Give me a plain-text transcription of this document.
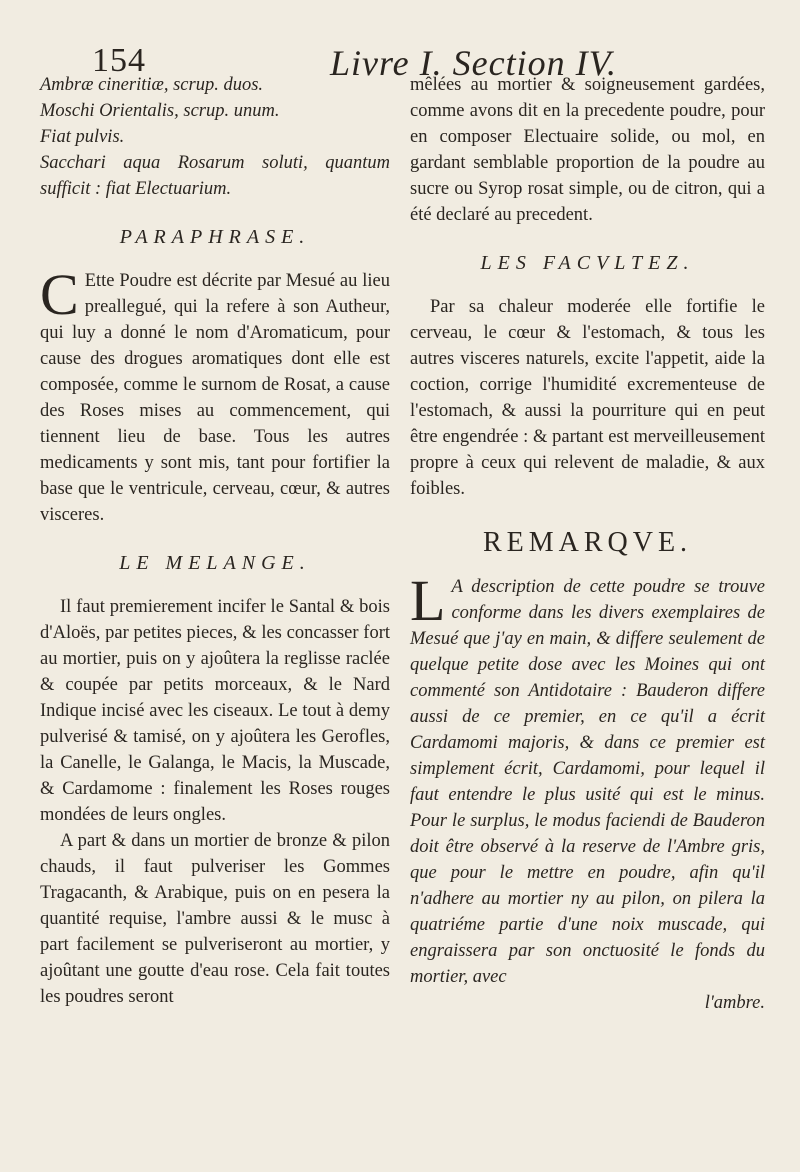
154	Livre I. Section IV.

Ambræ cineritiæ, scrup. duos.

Moschi Orientalis, scrup. unum.

Fiat pulvis.

Sacchari aqua Rosarum soluti, quantum sufficit : fiat Electuarium.

PARAPHRASE.

C Ette Poudre est décrite par Mesué au lieu preallegué, qui la refere à son Autheur, qui luy a donné le nom d'Aromaticum, pour cause des drogues aromatiques dont elle est composée, comme le surnom de Rosat, a cause des Roses mises au commencement, qui tiennent lieu de base. Tous les autres medicaments y sont mis, tant pour fortifier la base que le ventricule, cerveau, cœur, & autres visceres.

LE MELANGE.

Il faut premierement incifer le Santal & bois d'Aloës, par petites pieces, & les concasser fort au mortier, puis on y ajoûtera la reglisse raclée & coupée par petits morceaux, & le Nard Indique incisé avec les ciseaux. Le tout à demy pulverisé & tamisé, on y ajoûtera les Gerofles, la Canelle, le Galanga, le Macis, la Muscade, & Cardamome : finalement les Roses rouges mondées de leurs ongles.

A part & dans un mortier de bronze & pilon chauds, il faut pulveriser les Gommes Tragacanth, & Arabique, puis on en pesera la quantité requise, l'ambre aussi & le musc à part facilement se pulveriseront au mortier, y ajoûtant une goutte d'eau rose. Cela fait toutes les poudres seront

mêlées au mortier & soigneusement gardées, comme avons dit en la precedente poudre, pour en composer Electuaire solide, ou mol, en gardant semblable proportion de la poudre au sucre ou Syrop rosat simple, ou de citron, qui a été declaré au precedent.

LES FACVLTEZ.

Par sa chaleur moderée elle fortifie le cerveau, le cœur & l'estomach, & tous les autres visceres naturels, excite l'appetit, aide la coction, corrige l'humidité excrementeuse de l'estomach, & aussi la pourriture qui en peut être engendrée : & partant est merveilleusement propre à ceux qui relevent de maladie, & aux foibles.

REMARQVE.

L A description de cette poudre se trouve conforme dans les divers exemplaires de Mesué que j'ay en main, & differe seulement de quelque petite dose avec les Moines qui ont commenté son Antidotaire : Bauderon differe aussi de ce premier, en ce qu'il a écrit Cardamomi majoris, & dans ce premier est simplement écrit, Cardamomi, pour lequel il faut entendre le plus usité qui est le minus. Pour le surplus, le modus faciendi de Bauderon doit être observé à la reserve de l'Ambre gris, que pour le mettre en poudre, afin qu'il n'adhere au mortier ny au pilon, on pilera la quatriéme partie d'une noix muscade, qui engraissera par son onctuosité le fonds du mortier, avec

l'ambre.
